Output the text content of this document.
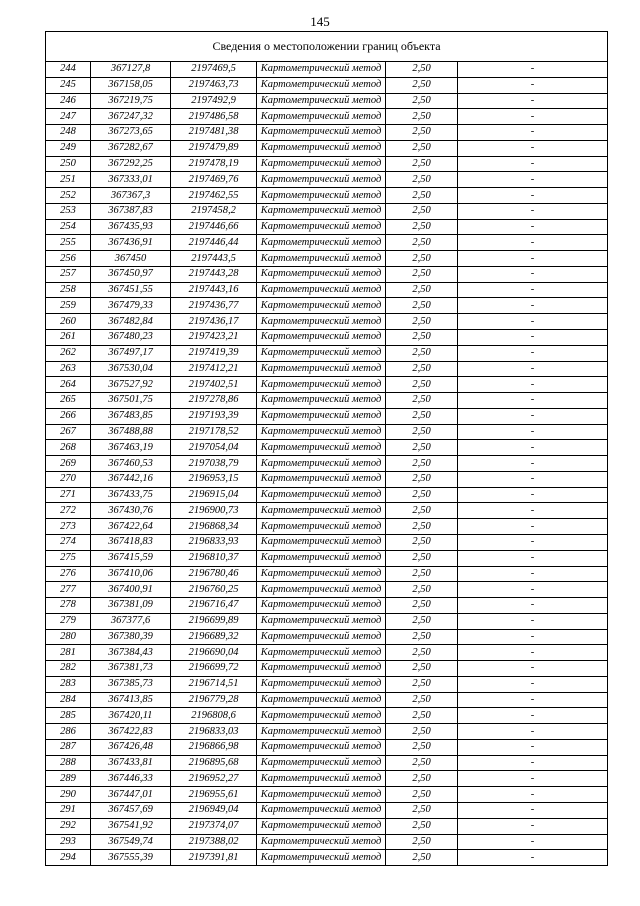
145
Сведения о местоположении границ объекта					
244	367127,8	2197469,5	Картометрический метод	2,50	-
245	367158,05	2197463,73	Картометрический метод	2,50	-
246	367219,75	2197492,9	Картометрический метод	2,50	-
247	367247,32	2197486,58	Картометрический метод	2,50	-
248	367273,65	2197481,38	Картометрический метод	2,50	-
249	367282,67	2197479,89	Картометрический метод	2,50	-
250	367292,25	2197478,19	Картометрический метод	2,50	-
251	367333,01	2197469,76	Картометрический метод	2,50	-
252	367367,3	2197462,55	Картометрический метод	2,50	-
253	367387,83	2197458,2	Картометрический метод	2,50	-
254	367435,93	2197446,66	Картометрический метод	2,50	-
255	367436,91	2197446,44	Картометрический метод	2,50	-
256	367450	2197443,5	Картометрический метод	2,50	-
257	367450,97	2197443,28	Картометрический метод	2,50	-
258	367451,55	2197443,16	Картометрический метод	2,50	-
259	367479,33	2197436,77	Картометрический метод	2,50	-
260	367482,84	2197436,17	Картометрический метод	2,50	-
261	367480,23	2197423,21	Картометрический метод	2,50	-
262	367497,17	2197419,39	Картометрический метод	2,50	-
263	367530,04	2197412,21	Картометрический метод	2,50	-
264	367527,92	2197402,51	Картометрический метод	2,50	-
265	367501,75	2197278,86	Картометрический метод	2,50	-
266	367483,85	2197193,39	Картометрический метод	2,50	-
267	367488,88	2197178,52	Картометрический метод	2,50	-
268	367463,19	2197054,04	Картометрический метод	2,50	-
269	367460,53	2197038,79	Картометрический метод	2,50	-
270	367442,16	2196953,15	Картометрический метод	2,50	-
271	367433,75	2196915,04	Картометрический метод	2,50	-
272	367430,76	2196900,73	Картометрический метод	2,50	-
273	367422,64	2196868,34	Картометрический метод	2,50	-
274	367418,83	2196833,93	Картометрический метод	2,50	-
275	367415,59	2196810,37	Картометрический метод	2,50	-
276	367410,06	2196780,46	Картометрический метод	2,50	-
277	367400,91	2196760,25	Картометрический метод	2,50	-
278	367381,09	2196716,47	Картометрический метод	2,50	-
279	367377,6	2196699,89	Картометрический метод	2,50	-
280	367380,39	2196689,32	Картометрический метод	2,50	-
281	367384,43	2196690,04	Картометрический метод	2,50	-
282	367381,73	2196699,72	Картометрический метод	2,50	-
283	367385,73	2196714,51	Картометрический метод	2,50	-
284	367413,85	2196779,28	Картометрический метод	2,50	-
285	367420,11	2196808,6	Картометрический метод	2,50	-
286	367422,83	2196833,03	Картометрический метод	2,50	-
287	367426,48	2196866,98	Картометрический метод	2,50	-
288	367433,81	2196895,68	Картометрический метод	2,50	-
289	367446,33	2196952,27	Картометрический метод	2,50	-
290	367447,01	2196955,61	Картометрический метод	2,50	-
291	367457,69	2196949,04	Картометрический метод	2,50	-
292	367541,92	2197374,07	Картометрический метод	2,50	-
293	367549,74	2197388,02	Картометрический метод	2,50	-
294	367555,39	2197391,81	Картометрический метод	2,50	-
